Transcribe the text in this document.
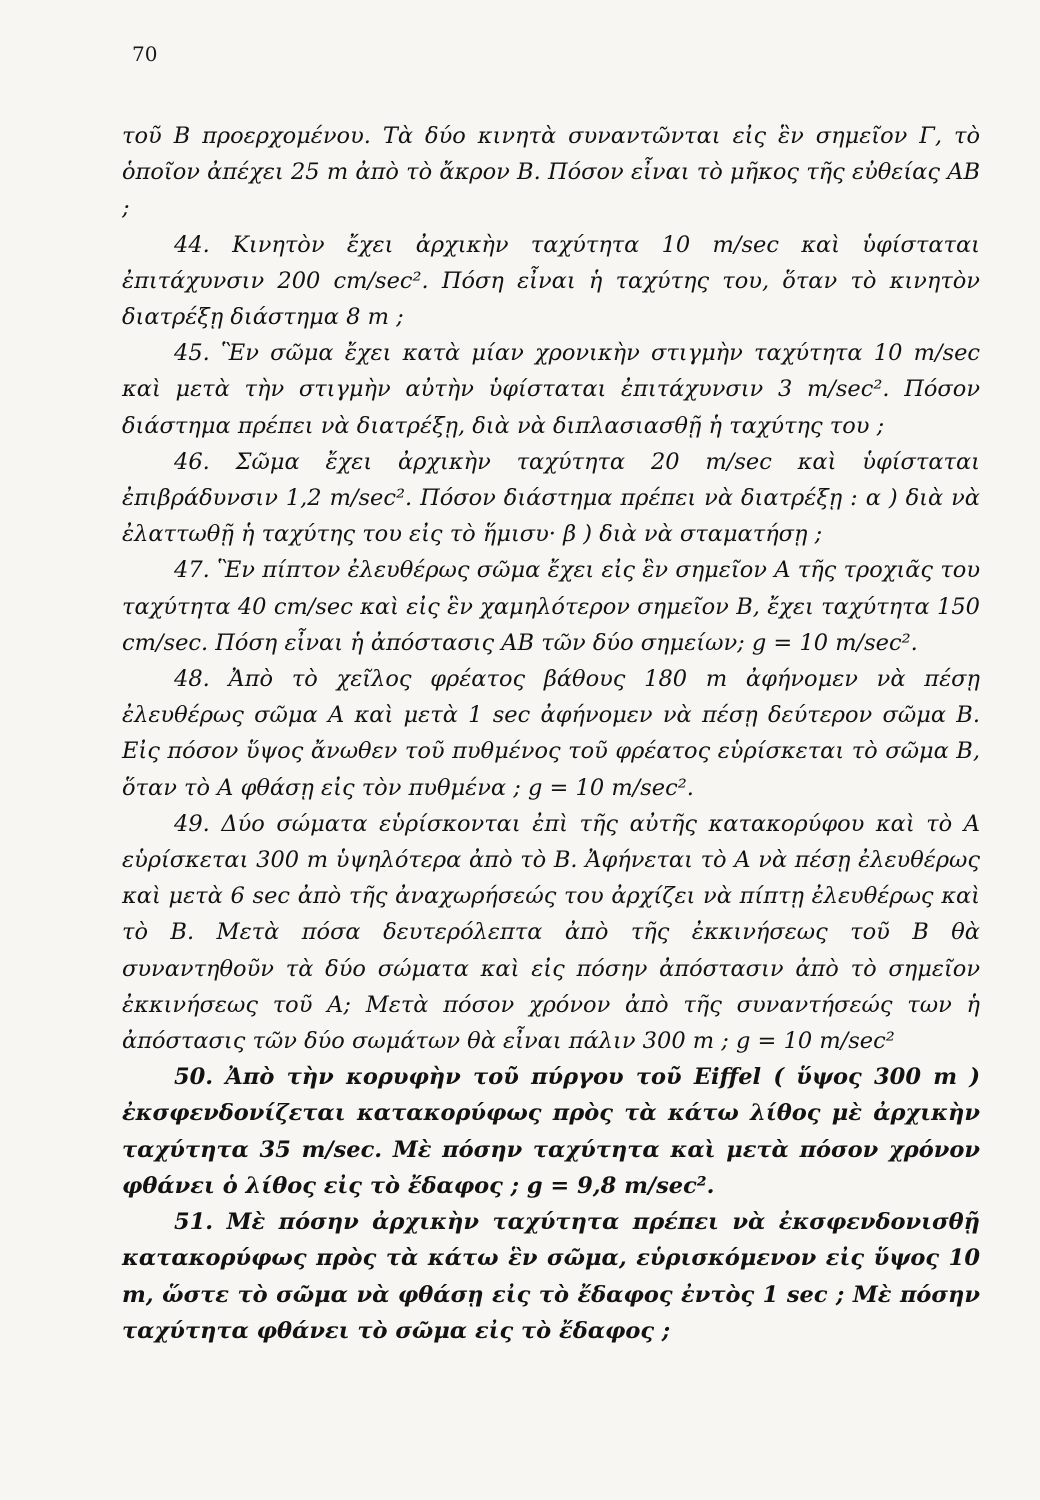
70

τοῦ Β προερχομένου. Τὰ δύο κινητὰ συναντῶνται εἰς ἓν σημεῖον Γ, τὸ ὁποῖον ἀπέχει 25 m ἀπὸ τὸ ἄκρον Β. Πόσον εἶναι τὸ μῆκος τῆς εὐθείας ΑΒ ;

44. Κινητὸν ἔχει ἀρχικὴν ταχύτητα 10 m/sec καὶ ὑφίσταται ἐπιτάχυνσιν 200 cm/sec². Πόση εἶναι ἡ ταχύτης του, ὅταν τὸ κινητὸν διατρέξῃ διάστημα 8 m ;

45. Ἓν σῶμα ἔχει κατὰ μίαν χρονικὴν στιγμὴν ταχύτητα 10 m/sec καὶ μετὰ τὴν στιγμὴν αὐτὴν ὑφίσταται ἐπιτάχυνσιν 3 m/sec². Πόσον διάστημα πρέπει νὰ διατρέξῃ, διὰ νὰ διπλασιασθῇ ἡ ταχύτης του ;

46. Σῶμα ἔχει ἀρχικὴν ταχύτητα 20 m/sec καὶ ὑφίσταται ἐπιβράδυνσιν 1,2 m/sec². Πόσον διάστημα πρέπει νὰ διατρέξῃ : α ) διὰ νὰ ἐλαττωθῇ ἡ ταχύτης του εἰς τὸ ἥμισυ· β ) διὰ νὰ σταματήσῃ ;

47. Ἓν πίπτον ἐλευθέρως σῶμα ἔχει εἰς ἓν σημεῖον Α τῆς τροχιᾶς του ταχύτητα 40 cm/sec καὶ εἰς ἓν χαμηλότερον σημεῖον Β, ἔχει ταχύτητα 150 cm/sec. Πόση εἶναι ἡ ἀπόστασις ΑΒ τῶν δύο σημείων; g = 10 m/sec².

48. Ἀπὸ τὸ χεῖλος φρέατος βάθους 180 m ἀφήνομεν νὰ πέσῃ ἐλευθέρως σῶμα Α καὶ μετὰ 1 sec ἀφήνομεν νὰ πέσῃ δεύτερον σῶμα Β. Εἰς πόσον ὕψος ἄνωθεν τοῦ πυθμένος τοῦ φρέατος εὑρίσκεται τὸ σῶμα Β, ὅταν τὸ Α φθάσῃ εἰς τὸν πυθμένα ; g = 10 m/sec².

49. Δύο σώματα εὑρίσκονται ἐπὶ τῆς αὐτῆς κατακορύφου καὶ τὸ Α εὑρίσκεται 300 m ὑψηλότερα ἀπὸ τὸ Β. Ἀφήνεται τὸ Α νὰ πέσῃ ἐλευθέρως καὶ μετὰ 6 sec ἀπὸ τῆς ἀναχωρήσεώς του ἀρχίζει νὰ πίπτῃ ἐλευθέρως καὶ τὸ Β. Μετὰ πόσα δευτερόλεπτα ἀπὸ τῆς ἐκκινήσεως τοῦ Β θὰ συναντηθοῦν τὰ δύο σώματα καὶ εἰς πόσην ἀπόστασιν ἀπὸ τὸ σημεῖον ἐκκινήσεως τοῦ Α; Μετὰ πόσον χρόνον ἀπὸ τῆς συναντήσεώς των ἡ ἀπόστασις τῶν δύο σωμάτων θὰ εἶναι πάλιν 300 m ; g = 10 m/sec²

50. Ἀπὸ τὴν κορυφὴν τοῦ πύργου τοῦ Eiffel ( ὕψος 300 m ) ἐκσφενδονίζεται κατακορύφως πρὸς τὰ κάτω λίθος μὲ ἀρχικὴν ταχύτητα 35 m/sec. Μὲ πόσην ταχύτητα καὶ μετὰ πόσον χρόνον φθάνει ὁ λίθος εἰς τὸ ἔδαφος ; g = 9,8 m/sec².

51. Μὲ πόσην ἀρχικὴν ταχύτητα πρέπει νὰ ἐκσφενδονισθῇ κατακορύφως πρὸς τὰ κάτω ἓν σῶμα, εὑρισκόμενον εἰς ὕψος 10 m, ὥστε τὸ σῶμα νὰ φθάσῃ εἰς τὸ ἔδαφος ἐντὸς 1 sec ; Μὲ πόσην ταχύτητα φθάνει τὸ σῶμα εἰς τὸ ἔδαφος ;
